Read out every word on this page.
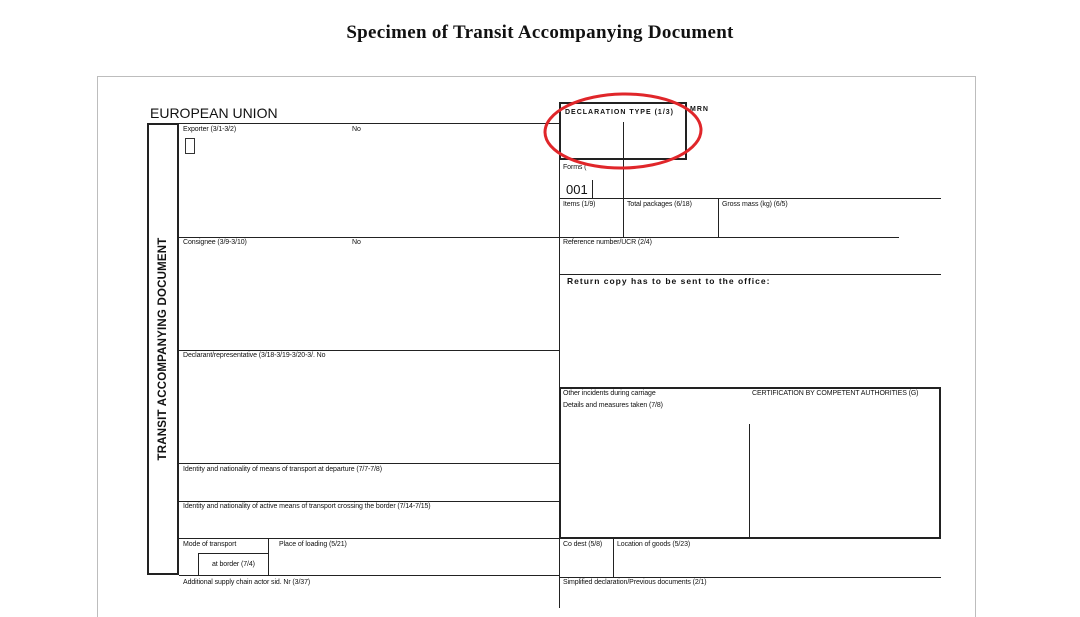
Specimen of Transit Accompanying Document
EUROPEAN UNION
TRANSIT ACCOMPANYING DOCUMENT
Exporter (3/1-3/2)	No
Consignee (3/9-3/10)	No
Declarant/representative (3/18-3/19-3/20-3/. No
Identity and nationality of means of transport at departure (7/7-7/8)
Identity and nationality of active means of transport crossing the border (7/14-7/15)
Mode of transport
at border (7/4)
Place of loading (5/21)
Additional supply chain actor sid. Nr (3/37)
DECLARATION TYPE (1/3) MRN
Forms (
001
Items (1/9)	Total packages (6/18)	Gross mass (kg) (6/5)
Reference number/UCR (2/4)
Return copy has to be sent to the office:
Other incidents during carriage	CERTIFICATION BY COMPETENT AUTHORITIES (G)
Details and measures taken (7/8)
Co dest (5/8) Location of goods (5/23)
Simplified declaration/Previous documents (2/1)
